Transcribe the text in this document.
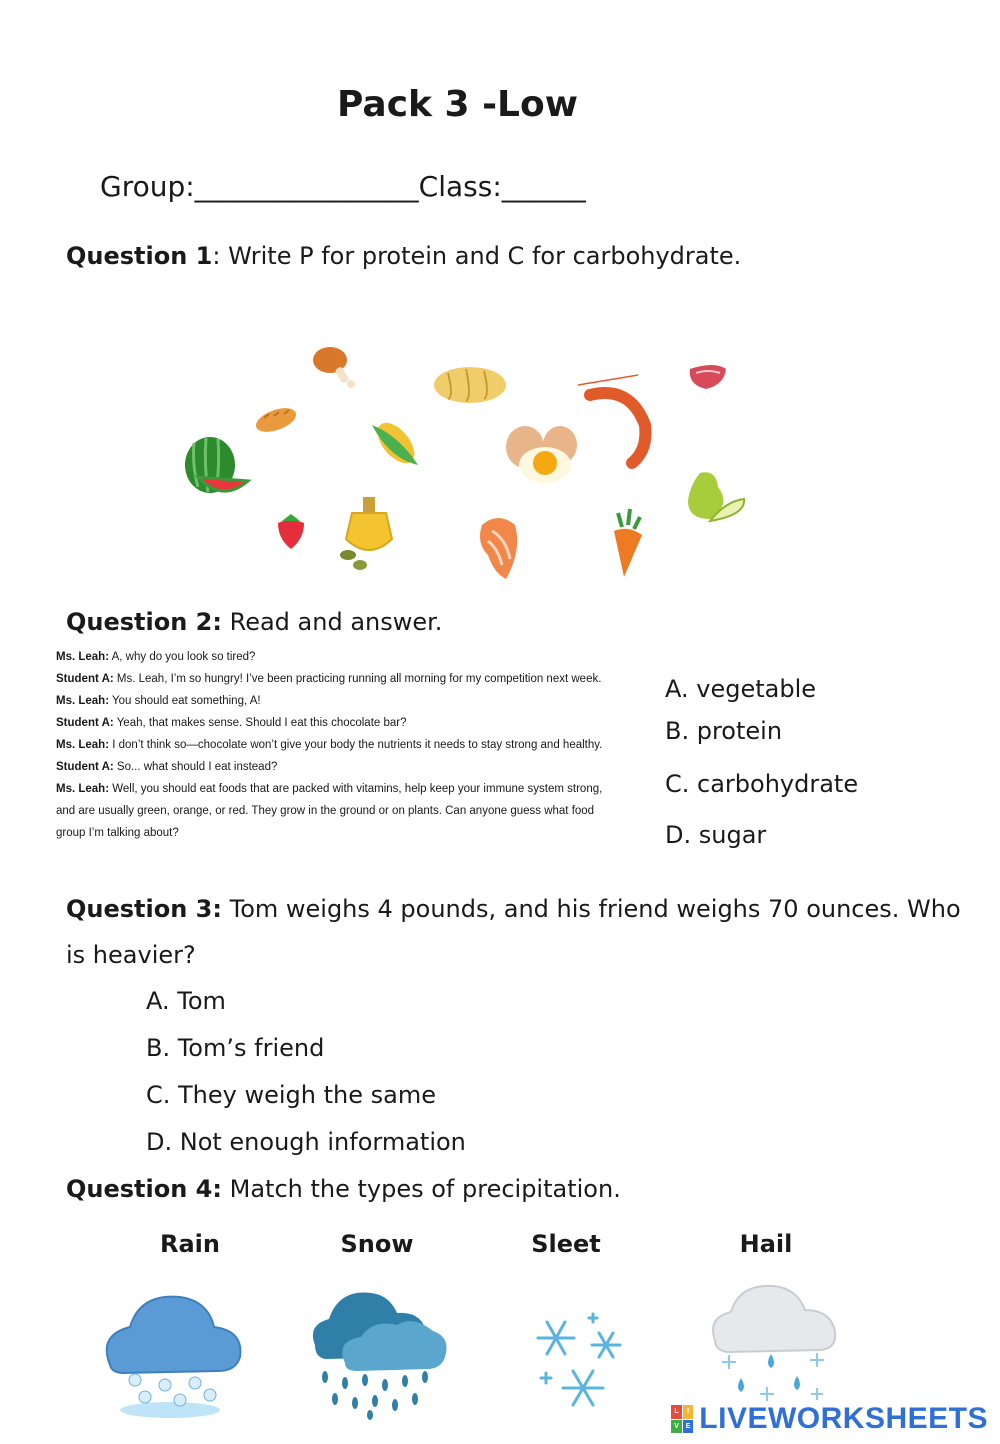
Pack 3 -Low
Group:________________Class:______
Question 1: Write P for protein and C for carbohydrate.
Question 2: Read and answer.

Ms. Leah: A, why do you look so tired?

Student A: Ms. Leah, I’m so hungry! I’ve been practicing running all morning for my competition next week.

Ms. Leah: You should eat something, A!

Student A: Yeah, that makes sense. Should I eat this chocolate bar?

Ms. Leah: I don’t think so—chocolate won’t give your body the nutrients it needs to stay strong and healthy.

Student A: So... what should I eat instead?

Ms. Leah: Well, you should eat foods that are packed with vitamins, help keep your immune system strong, and are usually green, orange, or red. They grow in the ground or on plants. Can anyone guess what food group I’m talking about?

A. vegetable
B. protein
C. carbohydrate
D. sugar
Question 3: Tom weighs 4 pounds, and his friend weighs 70 ounces. Who
is heavier?
A. Tom
B. Tom’s friend
C. They weigh the same
D. Not enough information
Question 4: Match the types of precipitation.
Rain	Snow	Sleet	Hail
L	I
V E LIVEWORKSHEETS
